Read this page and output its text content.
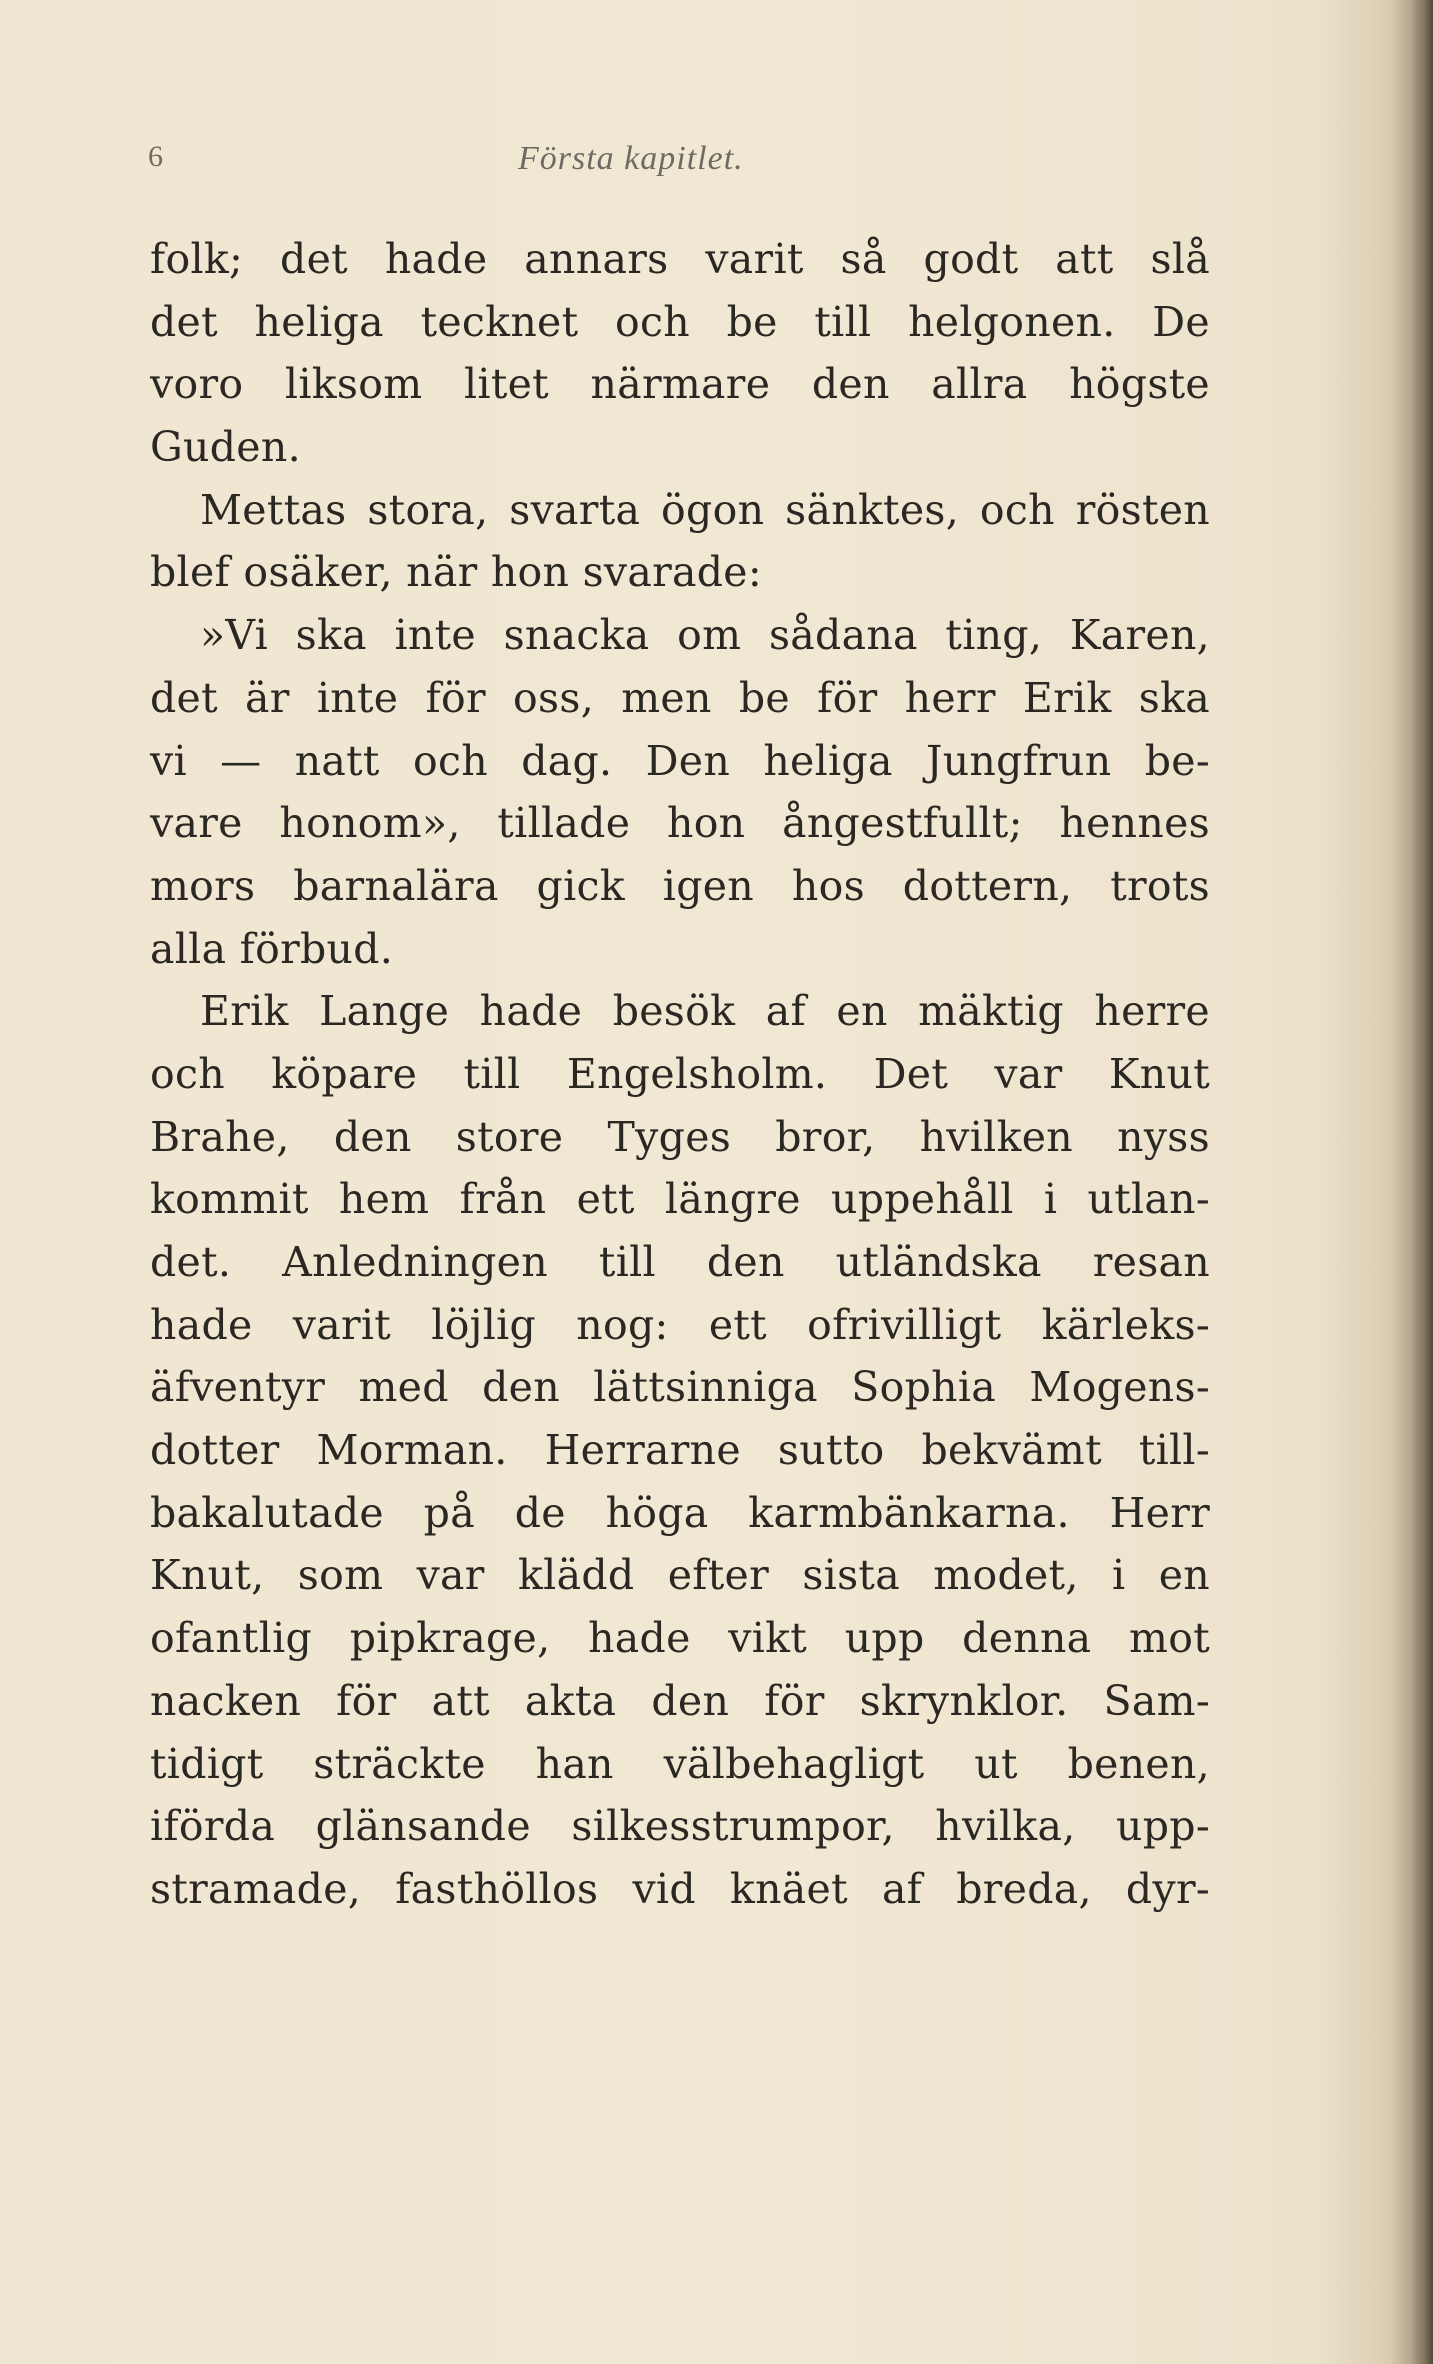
6	Första kapitlet.
folk; det hade annars varit så godt att slå
det heliga tecknet och be till helgonen. De
voro liksom litet närmare den allra högste
Guden.
Mettas stora, svarta ögon sänktes, och rösten
blef osäker, när hon svarade:
»Vi ska inte snacka om sådana ting, Karen,
det är inte för oss, men be för herr Erik ska
vi — natt och dag. Den heliga Jungfrun be-
vare honom», tillade hon ångestfullt; hennes
mors barnalära gick igen hos dottern, trots
alla förbud.
Erik Lange hade besök af en mäktig herre
och köpare till Engelsholm. Det var Knut
Brahe, den store Tyges bror, hvilken nyss
kommit hem från ett längre uppehåll i utlan-
det. Anledningen till den utländska resan
hade varit löjlig nog: ett ofrivilligt kärleks-
äfventyr med den lättsinniga Sophia Mogens-
dotter Morman. Herrarne sutto bekvämt till-
bakalutade på de höga karmbänkarna. Herr
Knut, som var klädd efter sista modet, i en
ofantlig pipkrage, hade vikt upp denna mot
nacken för att akta den för skrynklor. Sam-
tidigt sträckte han välbehagligt ut benen,
iförda glänsande silkesstrumpor, hvilka, upp-
stramade, fasthöllos vid knäet af breda, dyr-
